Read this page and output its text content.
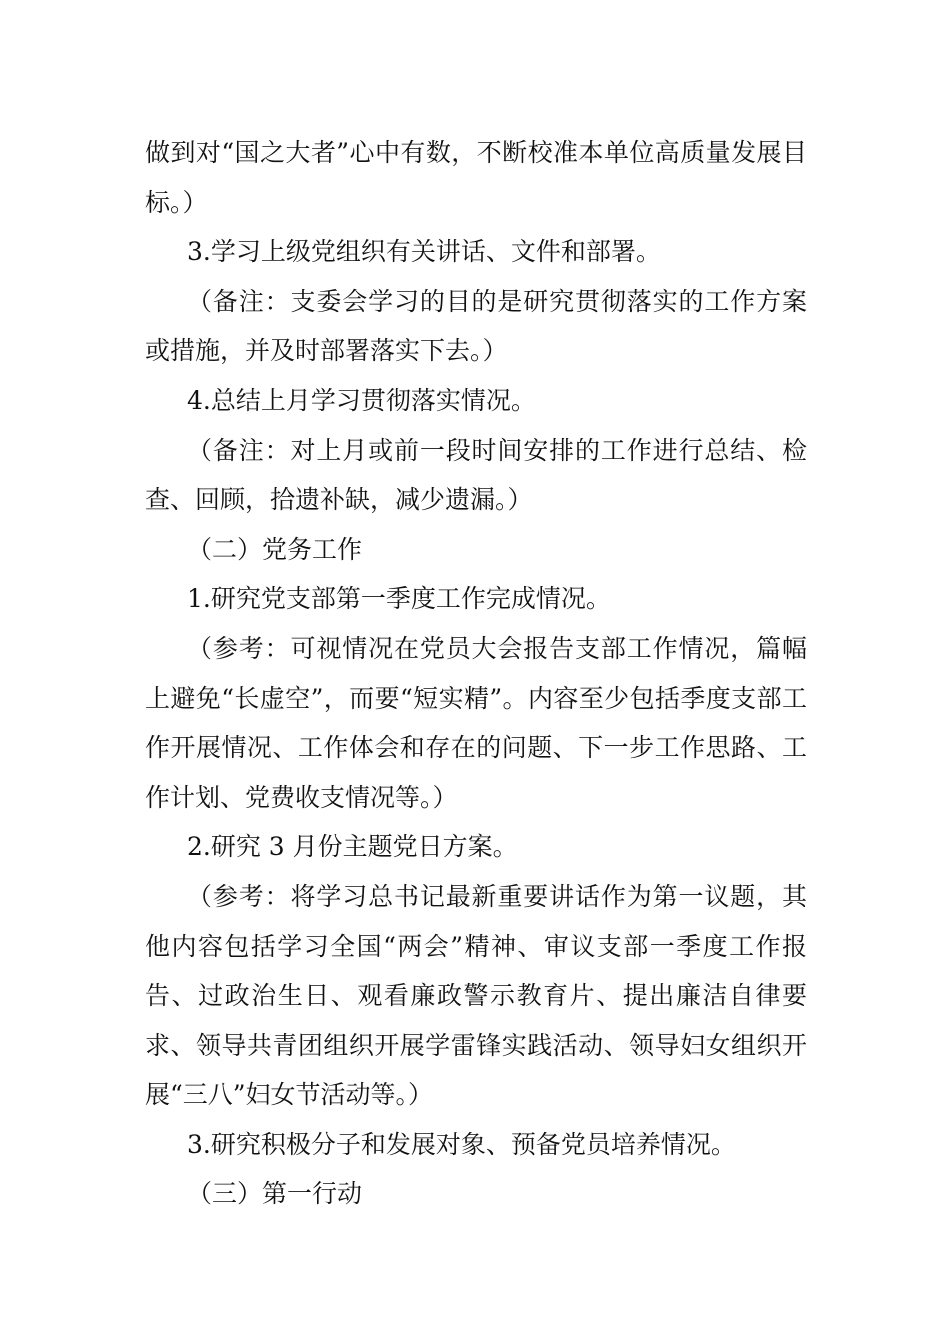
做到对“国之大者”心中有数，不断校准本单位高质量发展目标。）

3.学习上级党组织有关讲话、文件和部署。

（备注：支委会学习的目的是研究贯彻落实的工作方案或措施，并及时部署落实下去。）

4.总结上月学习贯彻落实情况。

（备注：对上月或前一段时间安排的工作进行总结、检查、回顾，拾遗补缺，减少遗漏。）

（二）党务工作

1.研究党支部第一季度工作完成情况。

（参考：可视情况在党员大会报告支部工作情况，篇幅上避免“长虚空”，而要“短实精”。内容至少包括季度支部工作开展情况、工作体会和存在的问题、下一步工作思路、工作计划、党费收支情况等。）

2.研究 3 月份主题党日方案。

（参考：将学习总书记最新重要讲话作为第一议题，其他内容包括学习全国“两会”精神、审议支部一季度工作报告、过政治生日、观看廉政警示教育片、提出廉洁自律要求、领导共青团组织开展学雷锋实践活动、领导妇女组织开展“三八”妇女节活动等。）

3.研究积极分子和发展对象、预备党员培养情况。

（三）第一行动
